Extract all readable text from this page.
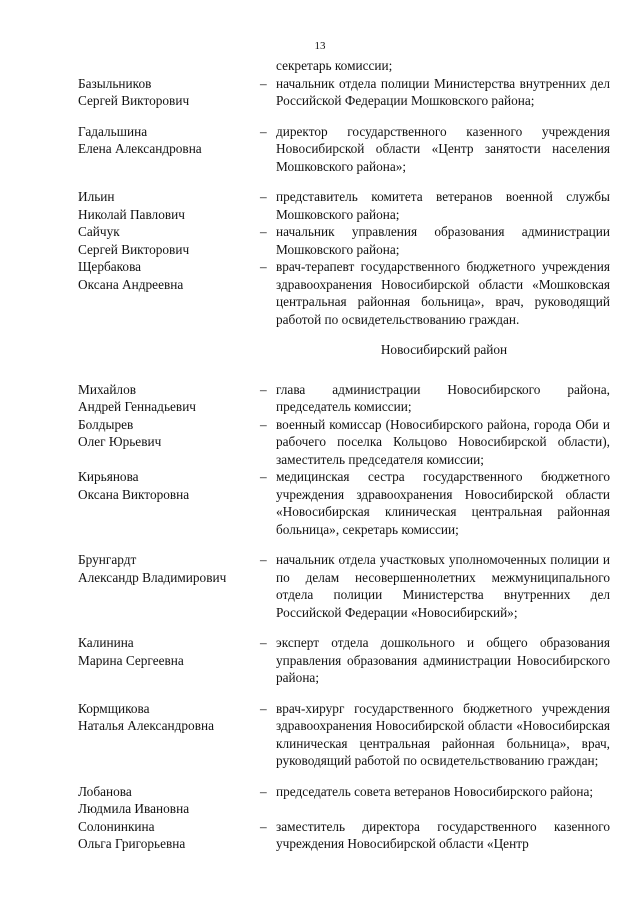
13
секретарь комиссии;
Базыльников
Сергей Викторович
– начальник отдела полиции Министерства внутренних дел Российской Федерации Мошковского района;
Гадальшина
Елена Александровна
– директор государственного казенного учреждения Новосибирской области «Центр занятости населения Мошковского района»;
Ильин
Николай Павлович
– представитель комитета ветеранов военной службы Мошковского района;
Сайчук
Сергей Викторович
– начальник управления образования администрации Мошковского района;
Щербакова
Оксана Андреевна
– врач-терапевт государственного бюджетного учреждения здравоохранения Новосибирской области «Мошковская центральная районная больница», врач, руководящий работой по освидетельствованию граждан.
Новосибирский район
Михайлов
Андрей Геннадьевич
– глава администрации Новосибирского района, председатель комиссии;
Болдырев
Олег Юрьевич
– военный комиссар (Новосибирского района, города Оби и рабочего поселка Кольцово Новосибирской области), заместитель председателя комиссии;
Кирьянова
Оксана Викторовна
– медицинская сестра государственного бюджетного учреждения здравоохранения Новосибирской области «Новосибирская клиническая центральная районная больница», секретарь комиссии;
Брунгардт
Александр Владимирович
– начальник отдела участковых уполномоченных полиции и по делам несовершеннолетних межмуниципального отдела полиции Министерства внутренних дел Российской Федерации «Новосибирский»;
Калинина
Марина Сергеевна
– эксперт отдела дошкольного и общего образования управления образования администрации Новосибирского района;
Кормщикова
Наталья Александровна
– врач-хирург государственного бюджетного учреждения здравоохранения Новосибирской области «Новосибирская клиническая центральная районная больница», врач, руководящий работой по освидетельствованию граждан;
Лобанова
Людмила Ивановна
– председатель совета ветеранов Новосибирского района;
Солонинкина
Ольга Григорьевна
– заместитель директора государственного казенного учреждения Новосибирской области «Центр
